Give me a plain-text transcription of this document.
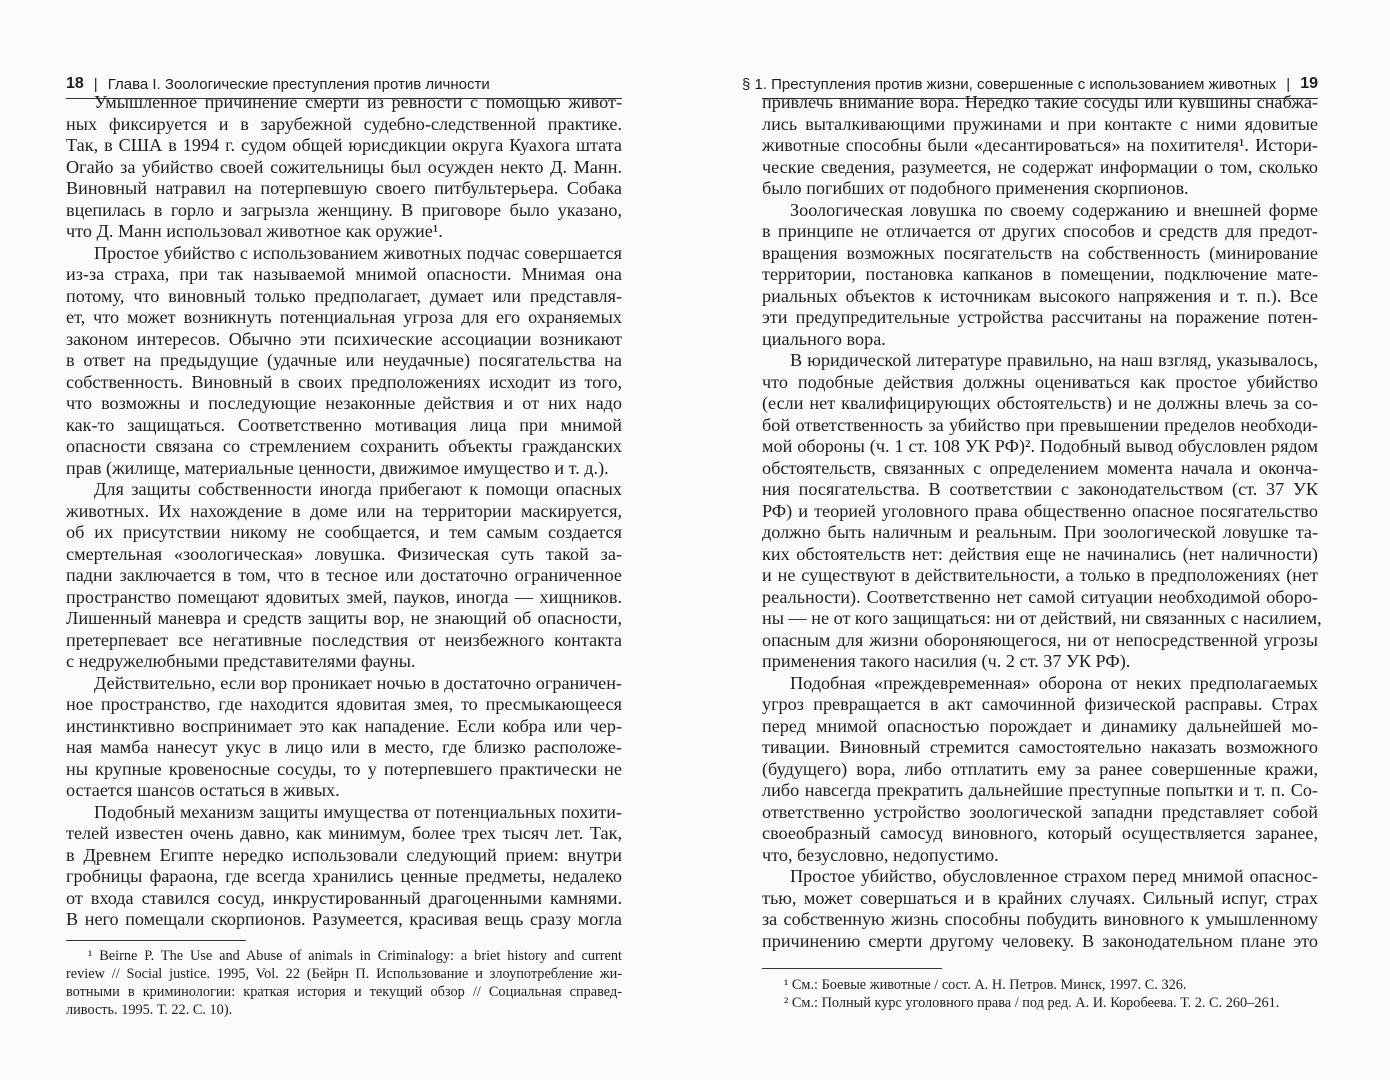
18 | Глава I. Зоологические преступления против личности
Умышленное причинение смерти из ревности с помощью живот-
ных фиксируется и в зарубежной судебно-следственной практике.
Так, в США в 1994 г. судом общей юрисдикции округа Куахога штата
Огайо за убийство своей сожительницы был осужден некто Д. Манн.
Виновный натравил на потерпевшую своего питбультерьера. Собака
вцепилась в горло и загрызла женщину. В приговоре было указано,
что Д. Манн использовал животное как оружие¹.
Простое убийство с использованием животных подчас совершается
из-за страха, при так называемой мнимой опасности. Мнимая она
потому, что виновный только предполагает, думает или представля-
ет, что может возникнуть потенциальная угроза для его охраняемых
законом интересов. Обычно эти психические ассоциации возникают
в ответ на предыдущие (удачные или неудачные) посягательства на
собственность. Виновный в своих предположениях исходит из того,
что возможны и последующие незаконные действия и от них надо
как-то защищаться. Соответственно мотивация лица при мнимой
опасности связана со стремлением сохранить объекты гражданских
прав (жилище, материальные ценности, движимое имущество и т. д.).
Для защиты собственности иногда прибегают к помощи опасных
животных. Их нахождение в доме или на территории маскируется,
об их присутствии никому не сообщается, и тем самым создается
смертельная «зоологическая» ловушка. Физическая суть такой за-
падни заключается в том, что в тесное или достаточно ограниченное
пространство помещают ядовитых змей, пауков, иногда — хищников.
Лишенный маневра и средств защиты вор, не знающий об опасности,
претерпевает все негативные последствия от неизбежного контакта
с недружелюбными представителями фауны.
Действительно, если вор проникает ночью в достаточно ограничен-
ное пространство, где находится ядовитая змея, то пресмыкающееся
инстинктивно воспринимает это как нападение. Если кобра или чер-
ная мамба нанесут укус в лицо или в место, где близко расположе-
ны крупные кровеносные сосуды, то у потерпевшего практически не
остается шансов остаться в живых.
Подобный механизм защиты имущества от потенциальных похити-
телей известен очень давно, как минимум, более трех тысяч лет. Так,
в Древнем Египте нередко использовали следующий прием: внутри
гробницы фараона, где всегда хранились ценные предметы, недалеко
от входа ставился сосуд, инкрустированный драгоценными камнями.
В него помещали скорпионов. Разумеется, красивая вещь сразу могла
¹ Beirne P. The Use and Abuse of animals in Criminalogy: a briet history and current
review // Social justice. 1995, Vol. 22 (Бейрн П. Использование и злоупотребление жи-
вотными в криминологии: краткая история и текущий обзор // Социальная справед-
ливость. 1995. Т. 22. С. 10).
§ 1. Преступления против жизни, совершенные с использованием животных | 19
привлечь внимание вора. Нередко такие сосуды или кувшины снабжа-
лись выталкивающими пружинами и при контакте с ними ядовитые
животные способны были «десантироваться» на похитителя¹. Истори-
ческие сведения, разумеется, не содержат информации о том, сколько
было погибших от подобного применения скорпионов.
Зоологическая ловушка по своему содержанию и внешней форме
в принципе не отличается от других способов и средств для предот-
вращения возможных посягательств на собственность (минирование
территории, постановка капканов в помещении, подключение мате-
риальных объектов к источникам высокого напряжения и т. п.). Все
эти предупредительные устройства рассчитаны на поражение потен-
циального вора.
В юридической литературе правильно, на наш взгляд, указывалось,
что подобные действия должны оцениваться как простое убийство
(если нет квалифицирующих обстоятельств) и не должны влечь за со-
бой ответственность за убийство при превышении пределов необходи-
мой обороны (ч. 1 ст. 108 УК РФ)². Подобный вывод обусловлен рядом
обстоятельств, связанных с определением момента начала и оконча-
ния посягательства. В соответствии с законодательством (ст. 37 УК
РФ) и теорией уголовного права общественно опасное посягательство
должно быть наличным и реальным. При зоологической ловушке та-
ких обстоятельств нет: действия еще не начинались (нет наличности)
и не существуют в действительности, а только в предположениях (нет
реальности). Соответственно нет самой ситуации необходимой оборо-
ны — не от кого защищаться: ни от действий, ни связанных с насилием,
опасным для жизни обороняющегося, ни от непосредственной угрозы
применения такого насилия (ч. 2 ст. 37 УК РФ).
Подобная «преждевременная» оборона от неких предполагаемых
угроз превращается в акт самочинной физической расправы. Страх
перед мнимой опасностью порождает и динамику дальнейшей мо-
тивации. Виновный стремится самостоятельно наказать возможного
(будущего) вора, либо отплатить ему за ранее совершенные кражи,
либо навсегда прекратить дальнейшие преступные попытки и т. п. Со-
ответственно устройство зоологической западни представляет собой
своеобразный самосуд виновного, который осуществляется заранее,
что, безусловно, недопустимо.
Простое убийство, обусловленное страхом перед мнимой опаснос-
тью, может совершаться и в крайних случаях. Сильный испуг, страх
за собственную жизнь способны побудить виновного к умышленному
причинению смерти другому человеку. В законодательном плане это
¹ См.: Боевые животные / сост. А. Н. Петров. Минск, 1997. С. 326.
² См.: Полный курс уголовного права / под ред. А. И. Коробеева. Т. 2. С. 260–261.
